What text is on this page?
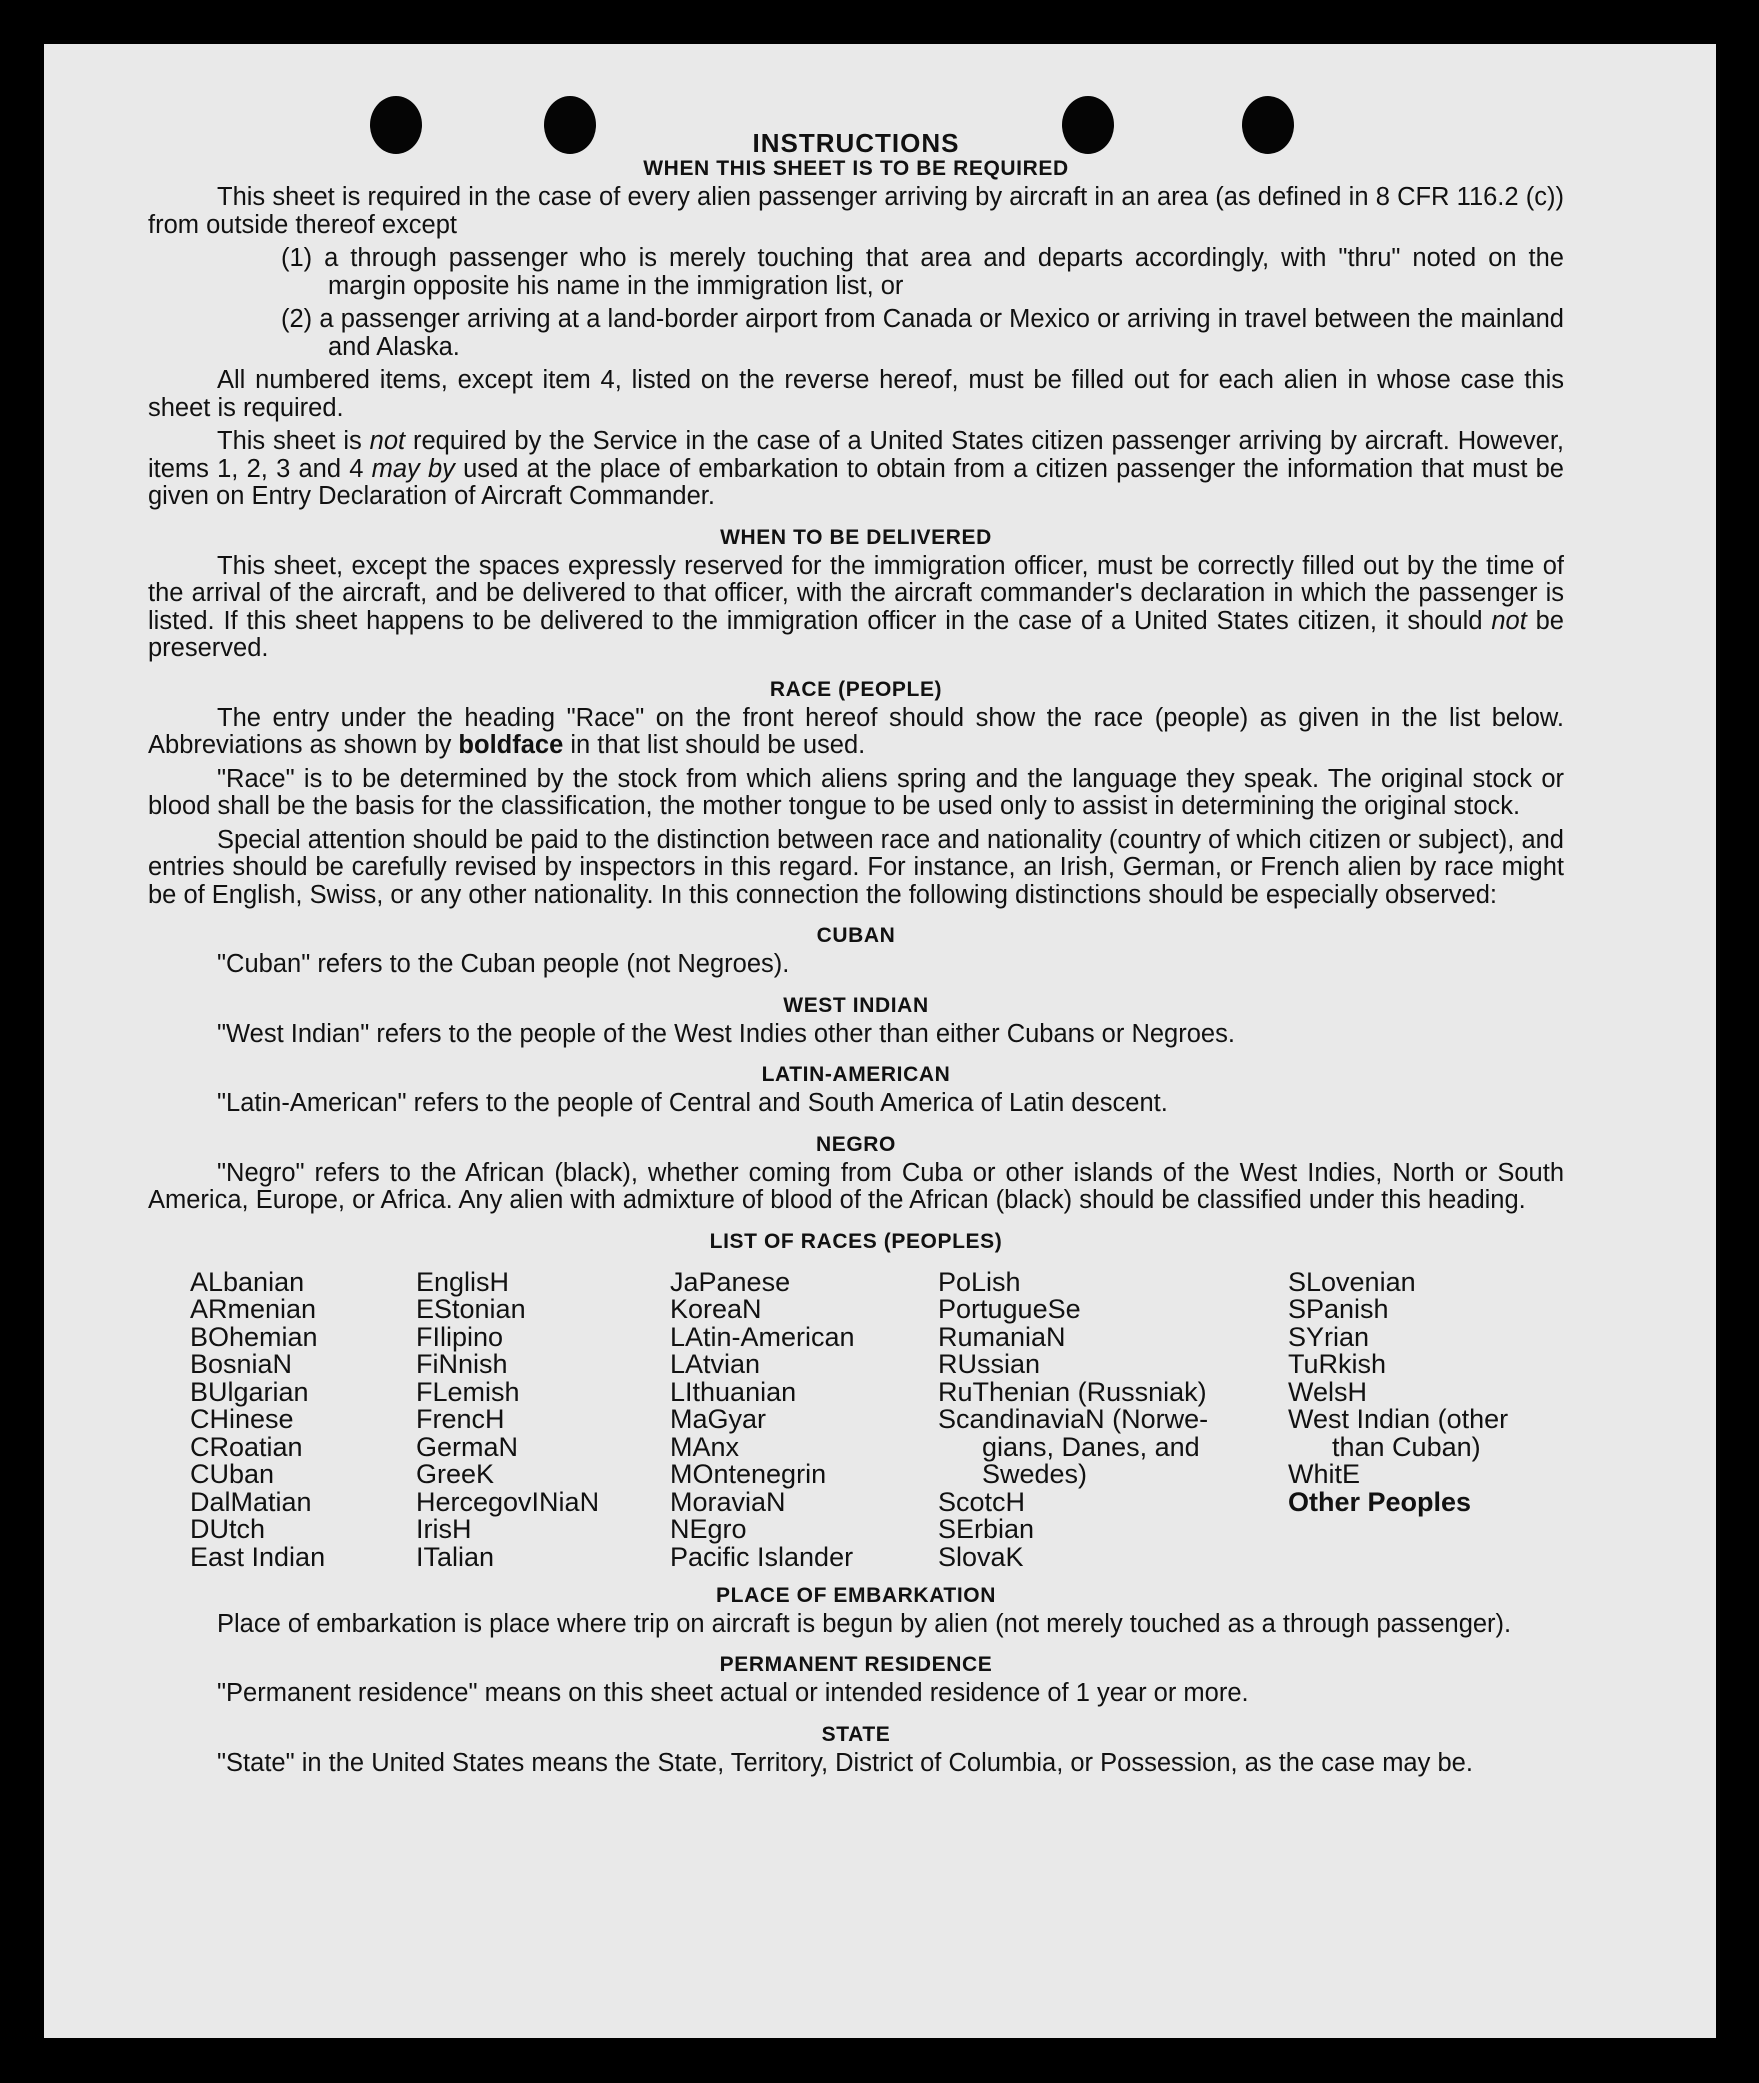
INSTRUCTIONS
WHEN THIS SHEET IS TO BE REQUIRED
This sheet is required in the case of every alien passenger arriving by aircraft in an area (as defined in 8 CFR 116.2 (c)) from outside thereof except
(1) a through passenger who is merely touching that area and departs accordingly, with "thru" noted on the margin opposite his name in the immigration list, or
(2) a passenger arriving at a land-border airport from Canada or Mexico or arriving in travel between the mainland and Alaska.
All numbered items, except item 4, listed on the reverse hereof, must be filled out for each alien in whose case this sheet is required.
This sheet is not required by the Service in the case of a United States citizen passenger arriving by aircraft. However, items 1, 2, 3 and 4 may by used at the place of embarkation to obtain from a citizen passenger the information that must be given on Entry Declaration of Aircraft Commander.
WHEN TO BE DELIVERED
This sheet, except the spaces expressly reserved for the immigration officer, must be correctly filled out by the time of the arrival of the aircraft, and be delivered to that officer, with the aircraft commander's declaration in which the passenger is listed. If this sheet happens to be delivered to the immigration officer in the case of a United States citizen, it should not be preserved.
RACE (PEOPLE)
The entry under the heading "Race" on the front hereof should show the race (people) as given in the list below. Abbreviations as shown by boldface in that list should be used.
"Race" is to be determined by the stock from which aliens spring and the language they speak. The original stock or blood shall be the basis for the classification, the mother tongue to be used only to assist in determining the original stock.
Special attention should be paid to the distinction between race and nationality (country of which citizen or subject), and entries should be carefully revised by inspectors in this regard. For instance, an Irish, German, or French alien by race might be of English, Swiss, or any other nationality. In this connection the following distinctions should be especially observed:
CUBAN
"Cuban" refers to the Cuban people (not Negroes).
WEST INDIAN
"West Indian" refers to the people of the West Indies other than either Cubans or Negroes.
LATIN-AMERICAN
"Latin-American" refers to the people of Central and South America of Latin descent.
NEGRO
"Negro" refers to the African (black), whether coming from Cuba or other islands of the West Indies, North or South America, Europe, or Africa. Any alien with admixture of blood of the African (black) should be classified under this heading.
LIST OF RACES (PEOPLES)
ALbanian
ARmenian
BOhemian
BosniaN
BUlgarian
CHinese
CRoatian
CUban
DalMatian
DUtch
East Indian
EnglisH
EStonian
FIlipino
FiNnish
FLemish
FrencH
GermaN
GreeK
HercegovINiaN
IrisH
ITalian
JaPanese
KoreaN
LAtin-American
LAtvian
LIthuanian
MaGyar
MAnx
MOntenegrin
MoraviaN
NEgro
Pacific Islander
PoLish
PortugueSe
RumaniaN
RUssian
RuThenian (Russniak)
ScandinaviaN (Norwe-
gians, Danes, and
Swedes)
ScotcH
SErbian
SlovaK
SLovenian
SPanish
SYrian
TuRkish
WelsH
West Indian (other
than Cuban)
WhitE
Other Peoples
PLACE OF EMBARKATION
Place of embarkation is place where trip on aircraft is begun by alien (not merely touched as a through passenger).
PERMANENT RESIDENCE
"Permanent residence" means on this sheet actual or intended residence of 1 year or more.
STATE
"State" in the United States means the State, Territory, District of Columbia, or Possession, as the case may be.
